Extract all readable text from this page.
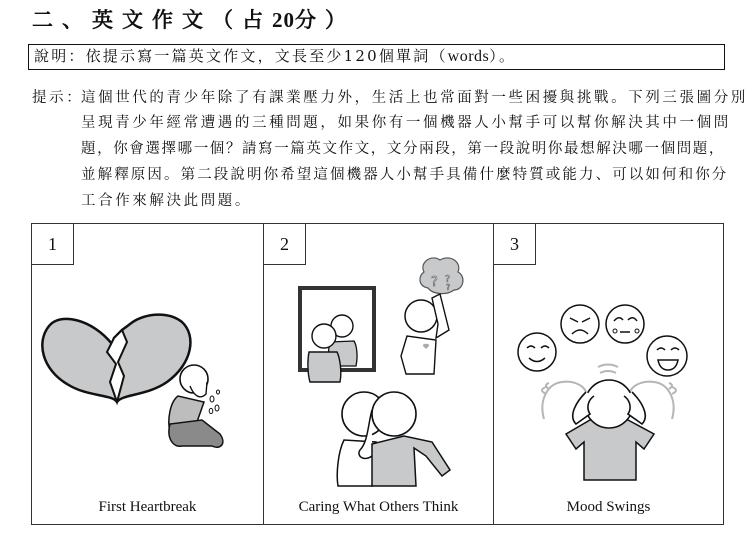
二、英文作文（占20分）
說明：依提示寫一篇英文作文，文長至少120個單詞（words）。
提示：
這個世代的青少年除了有課業壓力外，生活上也常面對一些困擾與挑戰。下列三張圖分別
呈現青少年經常遭遇的三種問題，如果你有一個機器人小幫手可以幫你解決其中一個問
題，你會選擇哪一個？請寫一篇英文作文，文分兩段，第一段說明你最想解決哪一個問題，
並解釋原因。第二段說明你希望這個機器人小幫手具備什麼特質或能力、可以如何和你分
工合作來解決此問題。
1
First Heartbreak
? ?
?
2
Caring What Others Think
3
Mood Swings
